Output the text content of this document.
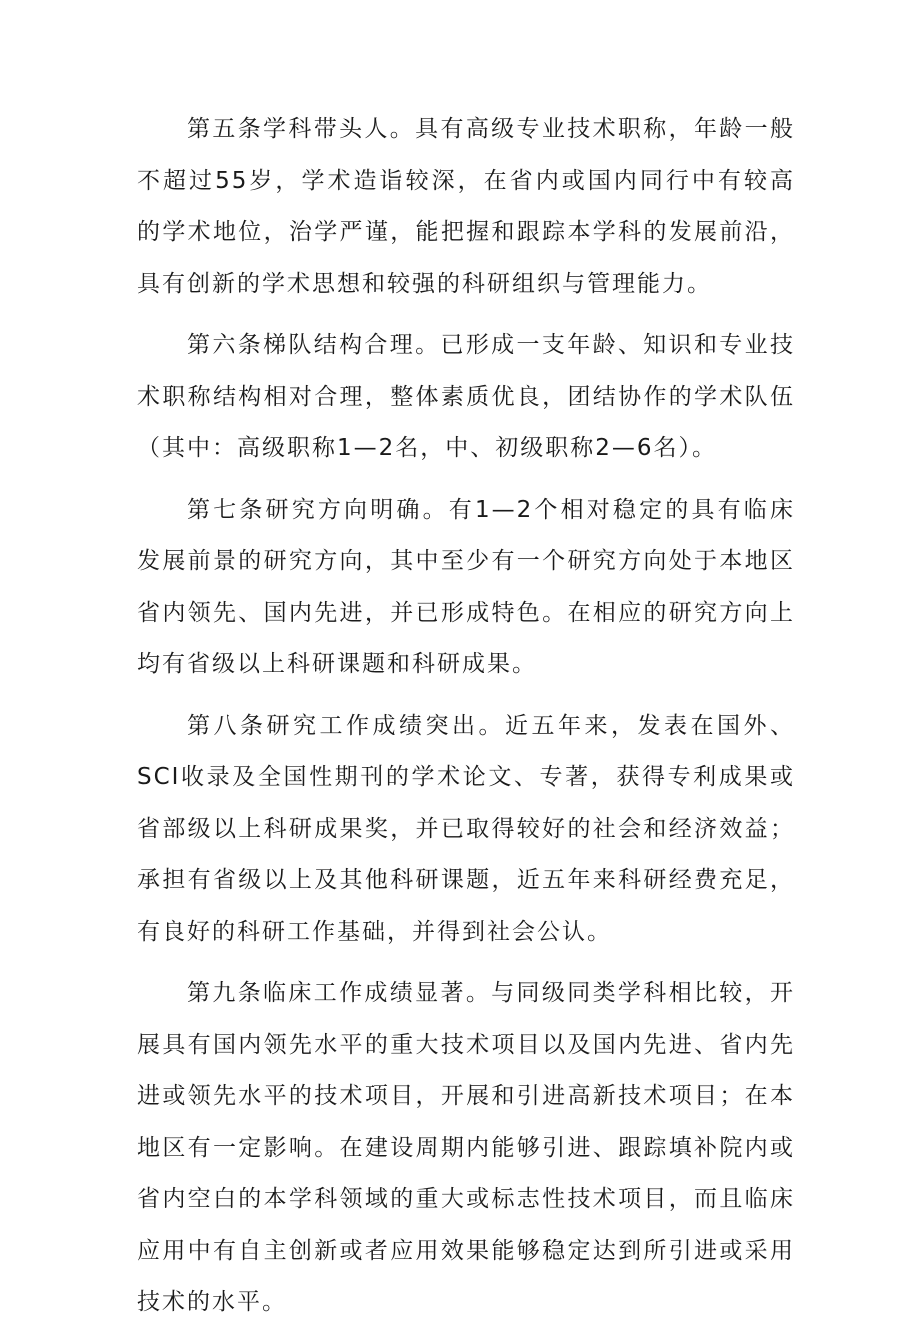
第五条学科带头人。具有高级专业技术职称，年龄一般不超过55岁，学术造诣较深，在省内或国内同行中有较高的学术地位，治学严谨，能把握和跟踪本学科的发展前沿，具有创新的学术思想和较强的科研组织与管理能力。

第六条梯队结构合理。已形成一支年龄、知识和专业技术职称结构相对合理，整体素质优良，团结协作的学术队伍（其中：高级职称1—2名，中、初级职称2—6名）。

第七条研究方向明确。有1—2个相对稳定的具有临床发展前景的研究方向，其中至少有一个研究方向处于本地区省内领先、国内先进，并已形成特色。在相应的研究方向上均有省级以上科研课题和科研成果。

第八条研究工作成绩突出。近五年来，发表在国外、SCI收录及全国性期刊的学术论文、专著，获得专利成果或省部级以上科研成果奖，并已取得较好的社会和经济效益；承担有省级以上及其他科研课题，近五年来科研经费充足，有良好的科研工作基础，并得到社会公认。

第九条临床工作成绩显著。与同级同类学科相比较，开展具有国内领先水平的重大技术项目以及国内先进、省内先进或领先水平的技术项目，开展和引进高新技术项目；在本地区有一定影响。在建设周期内能够引进、跟踪填补院内或省内空白的本学科领域的重大或标志性技术项目，而且临床应用中有自主创新或者应用效果能够稳定达到所引进或采用技术的水平。
